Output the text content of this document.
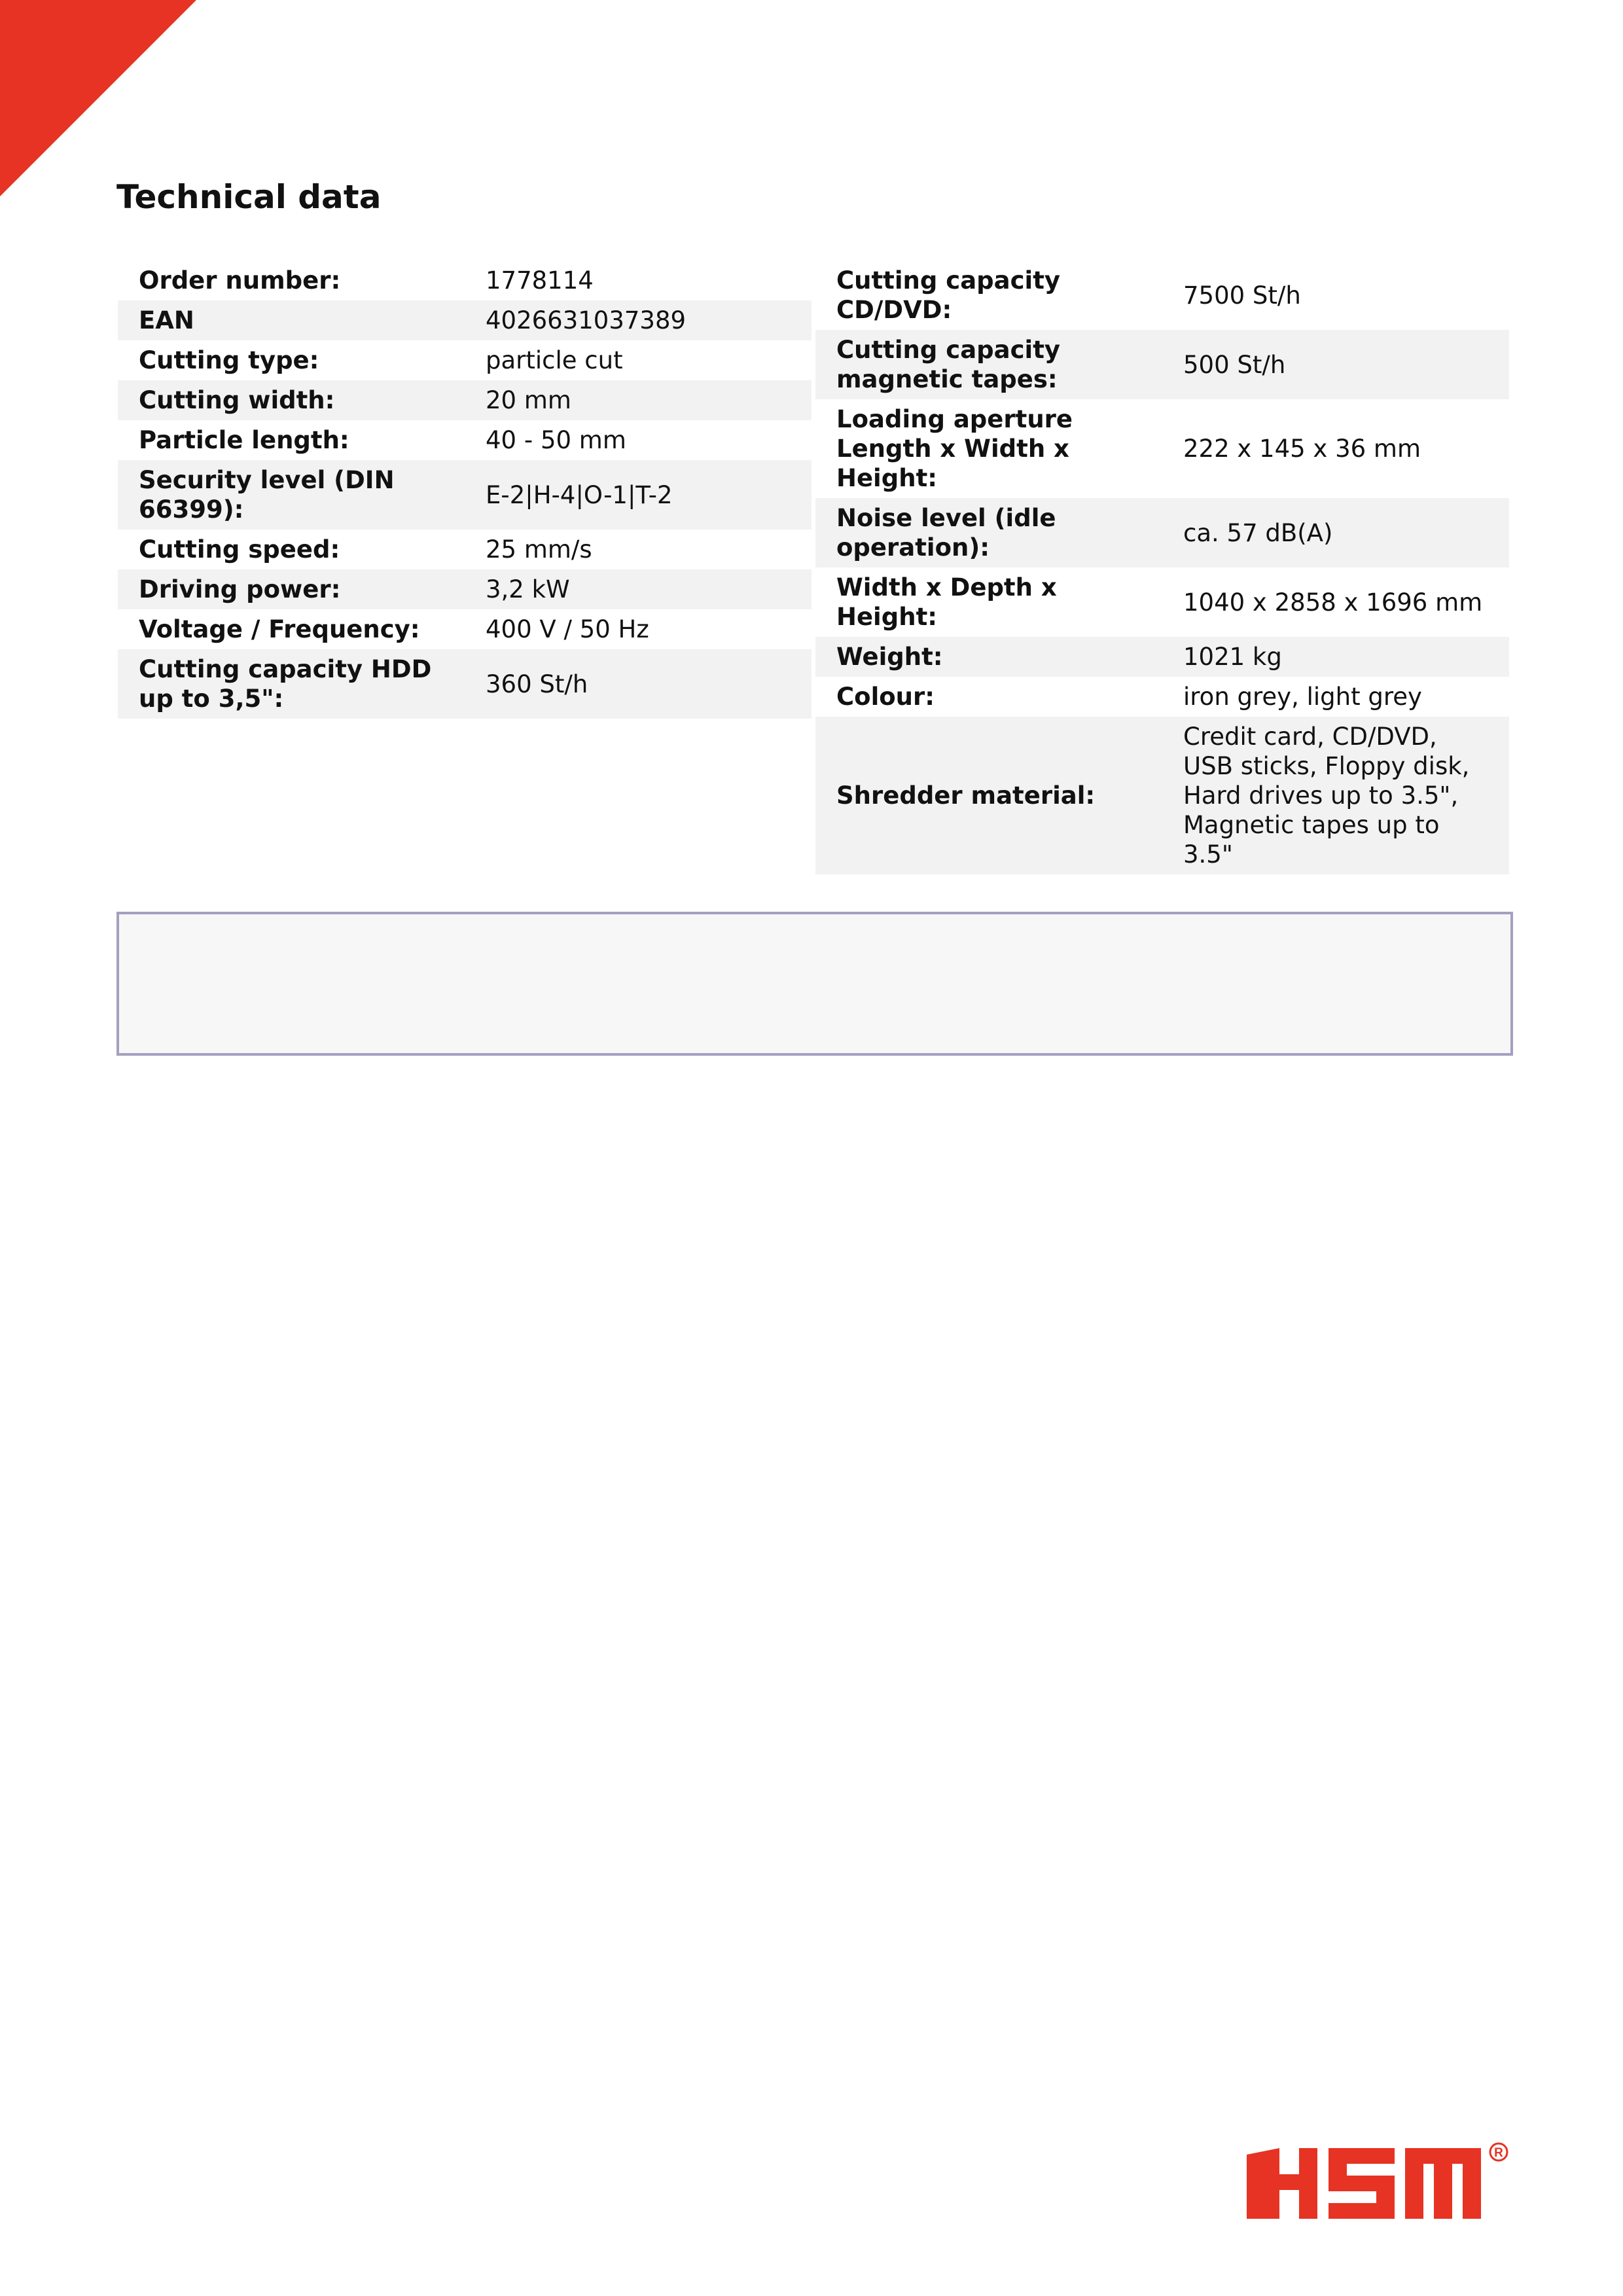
Technical data
Order number:	1778114
EAN	4026631037389
Cutting type:	particle cut
Cutting width:	20 mm
Particle length:	40 - 50 mm
Security level (DIN 66399):	E-2|H-4|O-1|T-2
Cutting speed:	25 mm/s
Driving power:	3,2 kW
Voltage / Frequency:	400 V / 50 Hz
Cutting capacity HDD up to 3,5":	360 St/h
Cutting capacity CD/DVD:	7500 St/h
Cutting capacity magnetic tapes:	500 St/h
Loading aperture Length x Width x Height:	222 x 145 x 36 mm
Noise level (idle operation):	ca. 57 dB(A)
Width x Depth x Height:	1040 x 2858 x 1696 mm
Weight:	1021 kg
Colour:	iron grey, light grey
Shredder material:	Credit card, CD/DVD, USB sticks, Floppy disk, Hard drives up to 3.5", Magnetic tapes up to 3.5"
R
